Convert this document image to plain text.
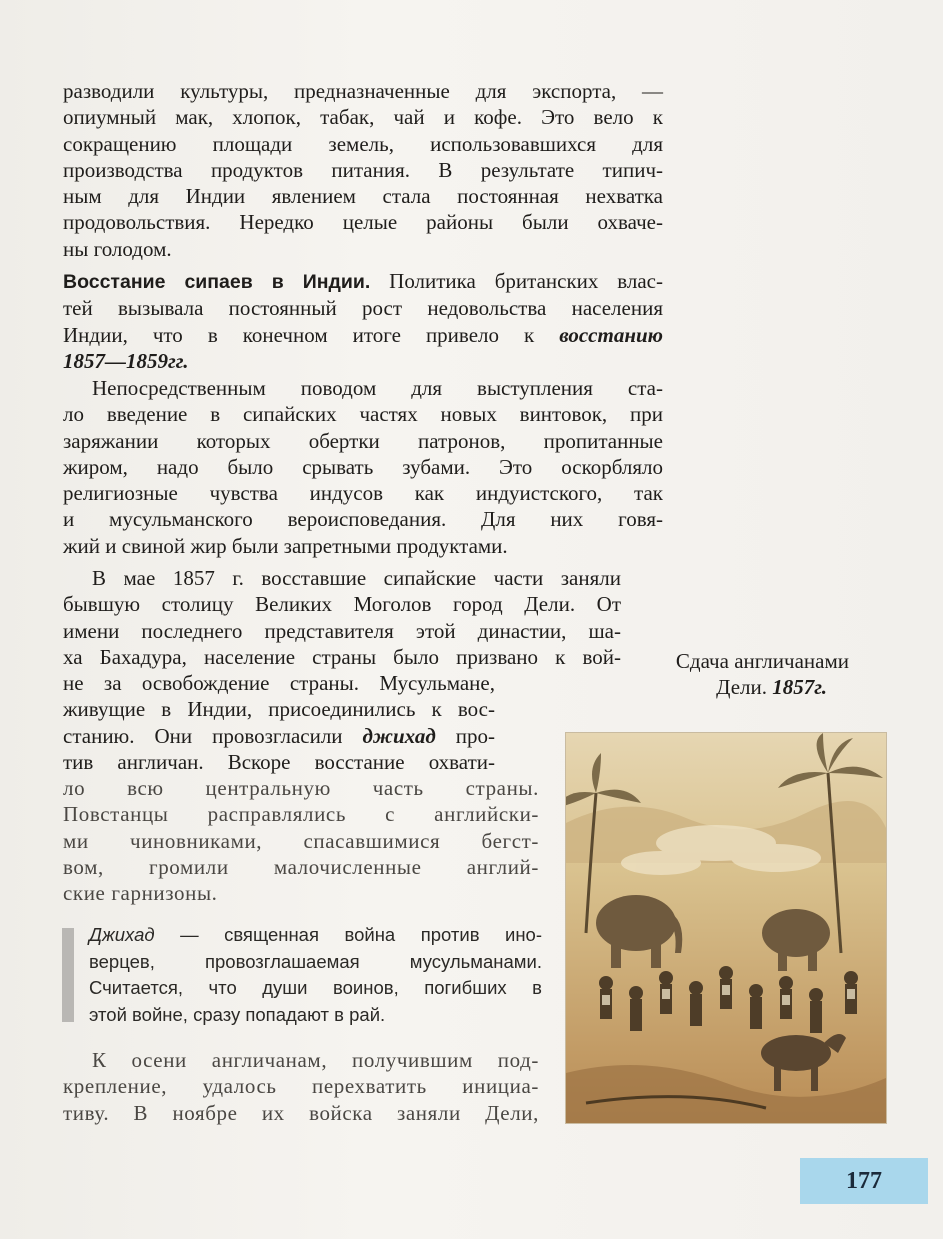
разводили культуры, предназначенные для экспорта, —
опиумный мак, хлопок, табак, чай и кофе. Это вело к
сокращению площади земель, использовавшихся для
производства продуктов питания. В результате типич-
ным для Индии явлением стала постоянная нехватка
продовольствия. Нередко целые районы были охваче-
ны голодом.
Восстание сипаев в Индии. Политика британских влас-
тей вызывала постоянный рост недовольства населения
Индии, что в конечном итоге привело к восстанию
1857—1859гг.
Непосредственным поводом для выступления ста-
ло введение в сипайских частях новых винтовок, при
заряжании которых обертки патронов, пропитанные
жиром, надо было срывать зубами. Это оскорбляло
религиозные чувства индусов как индуистского, так
и мусульманского вероисповедания. Для них говя-
жий и свиной жир были запретными продуктами.
В мае 1857 г. восставшие сипайские части заняли
бывшую столицу Великих Моголов город Дели. От
имени последнего представителя этой династии, ша-
ха Бахадура, население страны было призвано к вой-
не за освобождение страны. Мусульмане,
живущие в Индии, присоединились к вос-
станию. Они провозгласили джихад про-
тив англичан. Вскоре восстание охвати-
ло всю центральную часть страны.
Повстанцы расправлялись с английски-
ми чиновниками, спасавшимися бегст-
вом, громили малочисленные англий-
ские гарнизоны.
Джихад — священная война против ино-
верцев, провозглашаемая мусульманами.
Считается, что души воинов, погибших в
этой войне, сразу попадают в рай.
К осени англичанам, получившим под-
крепление, удалось перехватить инициа-
тиву. В ноябре их войска заняли Дели,
Сдача англичанами
Дели. 1857г.
177
